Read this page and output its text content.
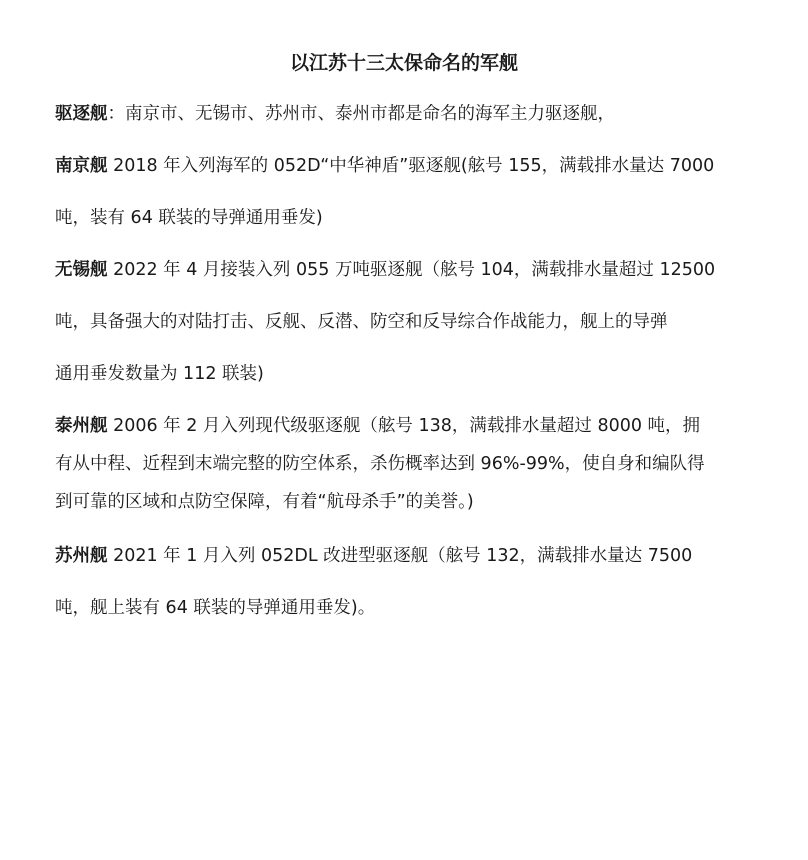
以江苏十三太保命名的军舰
驱逐舰：南京市、无锡市、苏州市、泰州市都是命名的海军主力驱逐舰，
南京舰 2018 年入列海军的 052D“中华神盾”驱逐舰(舷号 155，满载排水量达 7000
吨，装有 64 联装的导弹通用垂发)
无锡舰 2022 年 4 月接装入列 055 万吨驱逐舰（舷号 104，满载排水量超过 12500
吨，具备强大的对陆打击、反舰、反潜、防空和反导综合作战能力，舰上的导弹
通用垂发数量为 112 联装)
泰州舰 2006 年 2 月入列现代级驱逐舰（舷号 138，满载排水量超过 8000 吨，拥
有从中程、近程到末端完整的防空体系，杀伤概率达到 96%-99%，使自身和编队得
到可靠的区域和点防空保障，有着“航母杀手”的美誉。)
苏州舰 2021 年 1 月入列 052DL 改进型驱逐舰（舷号 132，满载排水量达 7500
吨，舰上装有 64 联装的导弹通用垂发)。
